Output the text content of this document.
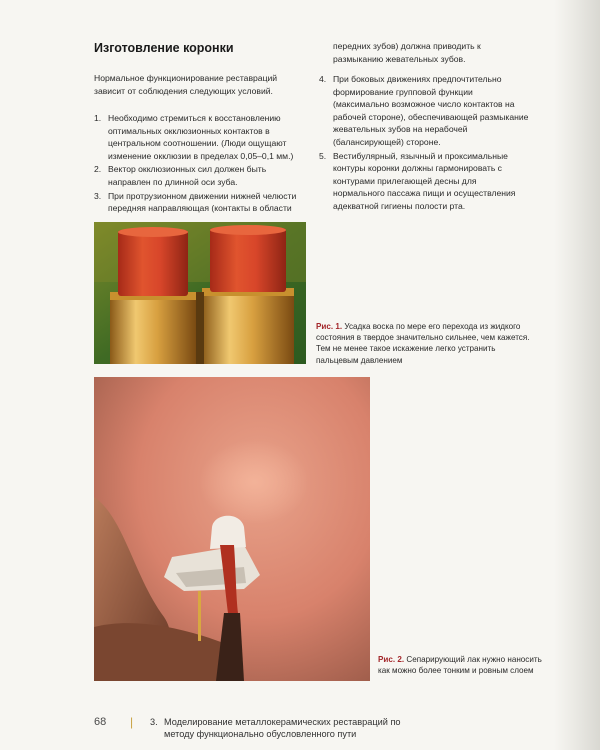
Изготовление коронки

Нормальное функционирование реставраций зависит от соблюдения следующих условий.

1. Необходимо стремиться к восстановлению оптимальных окклюзионных контактов в центральном соотношении. (Люди ощущают изменение окклюзии в пределах 0,05–0,1 мм.)
2. Вектор окклюзионных сил должен быть направлен по длинной оси зуба.
3. При протрузионном движении нижней челюсти передняя направляющая (контакты в области

передних зубов) должна приводить к размыканию жевательных зубов.

4. При боковых движениях предпочтительно формирование групповой функции (максимально возможное число контактов на рабочей стороне), обеспечивающей размыкание жевательных зубов на нерабочей (балансирующей) стороне.
5. Вестибулярный, язычный и проксимальные контуры коронки должны гармонировать с контурами прилегающей десны для нормального пассажа пищи и осуществления адекватной гигиены полости рта.

Рис. 1. Усадка воска по мере его перехода из жидкого состояния в твердое значительно сильнее, чем кажется. Тем не менее такое искажение легко устранить пальцевым давлением

Рис. 2. Сепарирующий лак нужно наносить как можно более тонким и ровным слоем

68 | 3. Моделирование металлокерамических реставраций по методу функционально обусловленного пути
